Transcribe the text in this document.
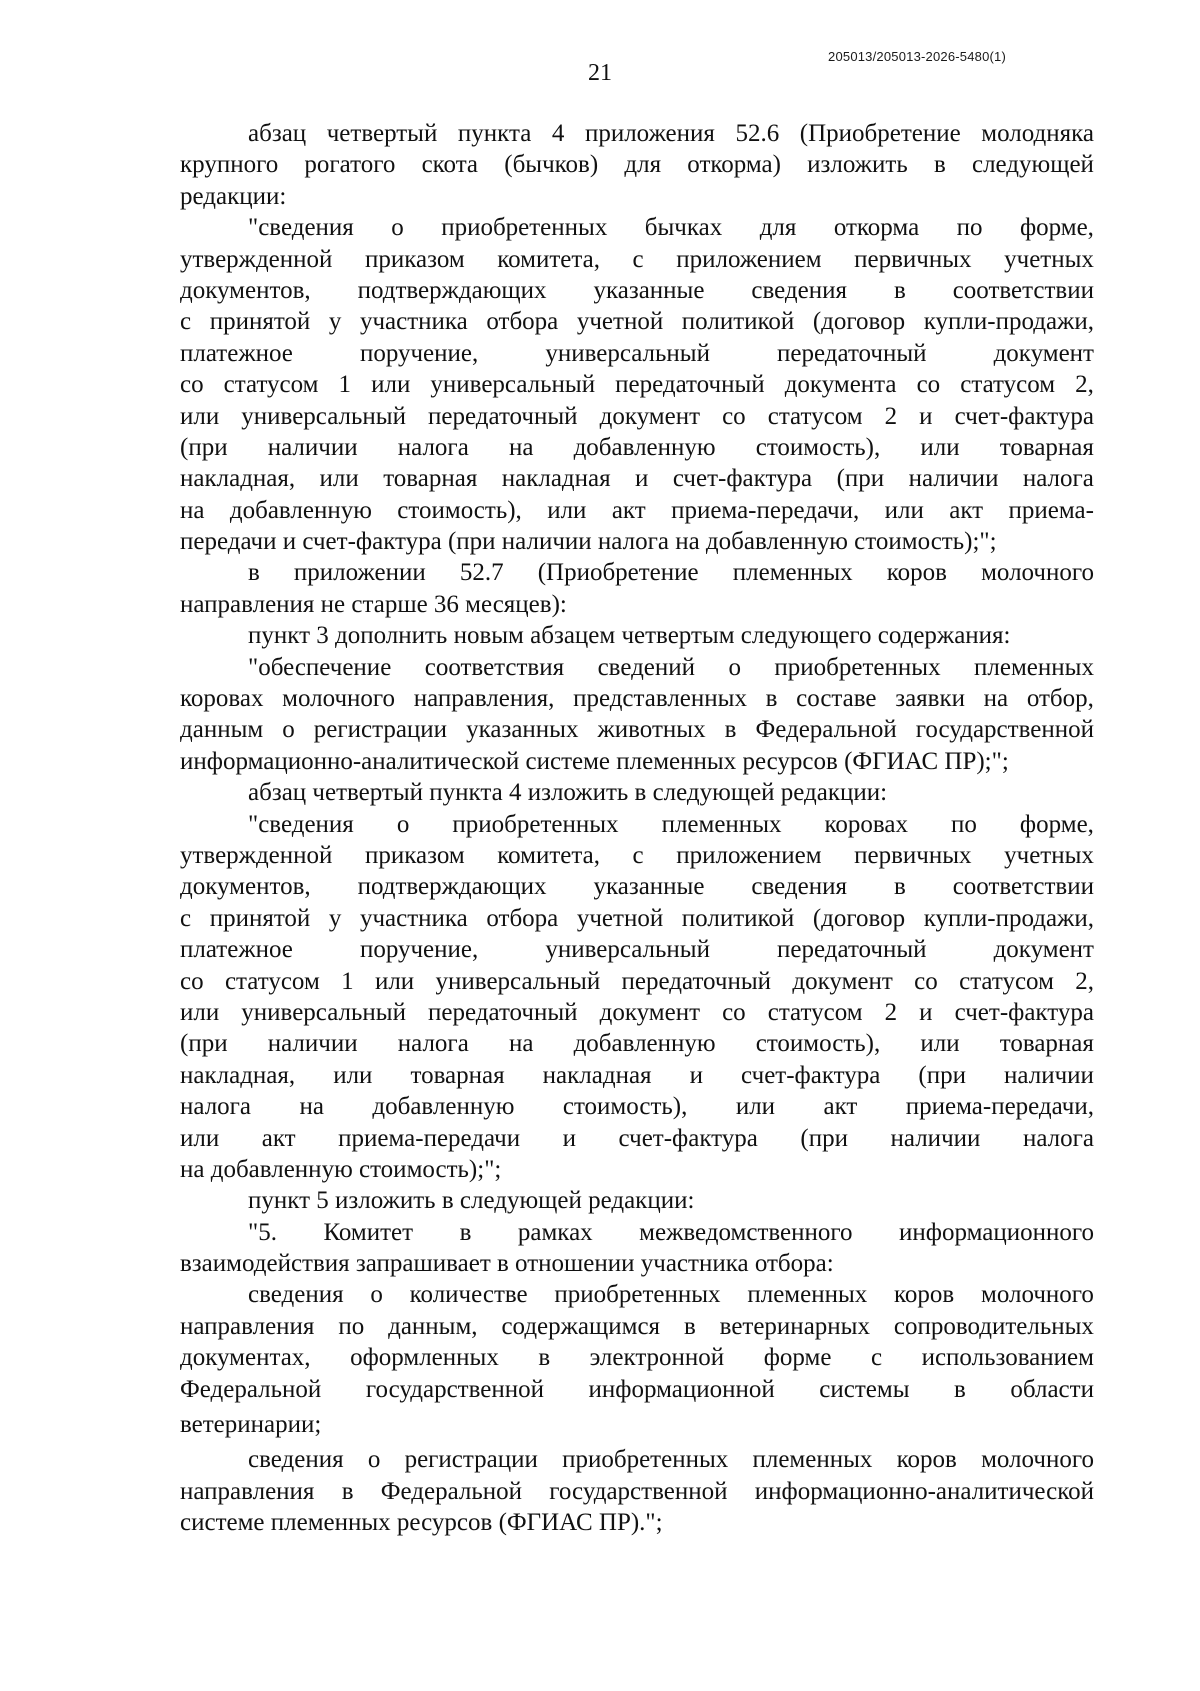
205013/205013-2026-5480(1)
21
абзац четвертый пункта 4 приложения 52.6 (Приобретение молодняка
крупного рогатого скота (бычков) для откорма) изложить в следующей
редакции:
"сведения о приобретенных бычках для откорма по форме,
утвержденной приказом комитета, с приложением первичных учетных
документов, подтверждающих указанные сведения в соответствии
с принятой у участника отбора учетной политикой (договор купли-продажи,
платежное	поручение,	универсальный	передаточный	документ
со статусом 1 или универсальный передаточный документа со статусом 2,
или универсальный передаточный документ со статусом 2 и счет-фактура
(при наличии налога на добавленную стоимость), или товарная
накладная, или товарная накладная и счет-фактура (при наличии налога
на добавленную стоимость), или акт приема-передачи, или акт приема-
передачи и счет-фактура (при наличии налога на добавленную стоимость);";
в приложении 52.7 (Приобретение племенных коров молочного
направления не старше 36 месяцев):
пункт 3 дополнить новым абзацем четвертым следующего содержания:
"обеспечение соответствия сведений о приобретенных племенных
коровах молочного направления, представленных в составе заявки на отбор,
данным о регистрации указанных животных в Федеральной государственной
информационно-аналитической системе племенных ресурсов (ФГИАС ПР);";
абзац четвертый пункта 4 изложить в следующей редакции:
"сведения о приобретенных племенных коровах по форме,
утвержденной приказом комитета, с приложением первичных учетных
документов, подтверждающих указанные сведения в соответствии
с принятой у участника отбора учетной политикой (договор купли-продажи,
платежное	поручение,	универсальный	передаточный	документ
со статусом 1 или универсальный передаточный документ со статусом 2,
или универсальный передаточный документ со статусом 2 и счет-фактура
(при наличии налога на добавленную стоимость), или товарная
накладная, или товарная накладная и счет-фактура (при наличии
налога на добавленную стоимость), или акт приема-передачи,
или акт приема-передачи и счет-фактура (при наличии налога
на добавленную стоимость);";
пункт 5 изложить в следующей редакции:
"5. Комитет в рамках межведомственного информационного
взаимодействия запрашивает в отношении участника отбора:
сведения о количестве приобретенных племенных коров молочного
направления по данным, содержащимся в ветеринарных сопроводительных
документах, оформленных в электронной форме с использованием
Федеральной государственной информационной системы в области
ветеринарии;
сведения о регистрации приобретенных племенных коров молочного
направления в Федеральной государственной информационно-аналитической
системе племенных ресурсов (ФГИАС ПР).";
